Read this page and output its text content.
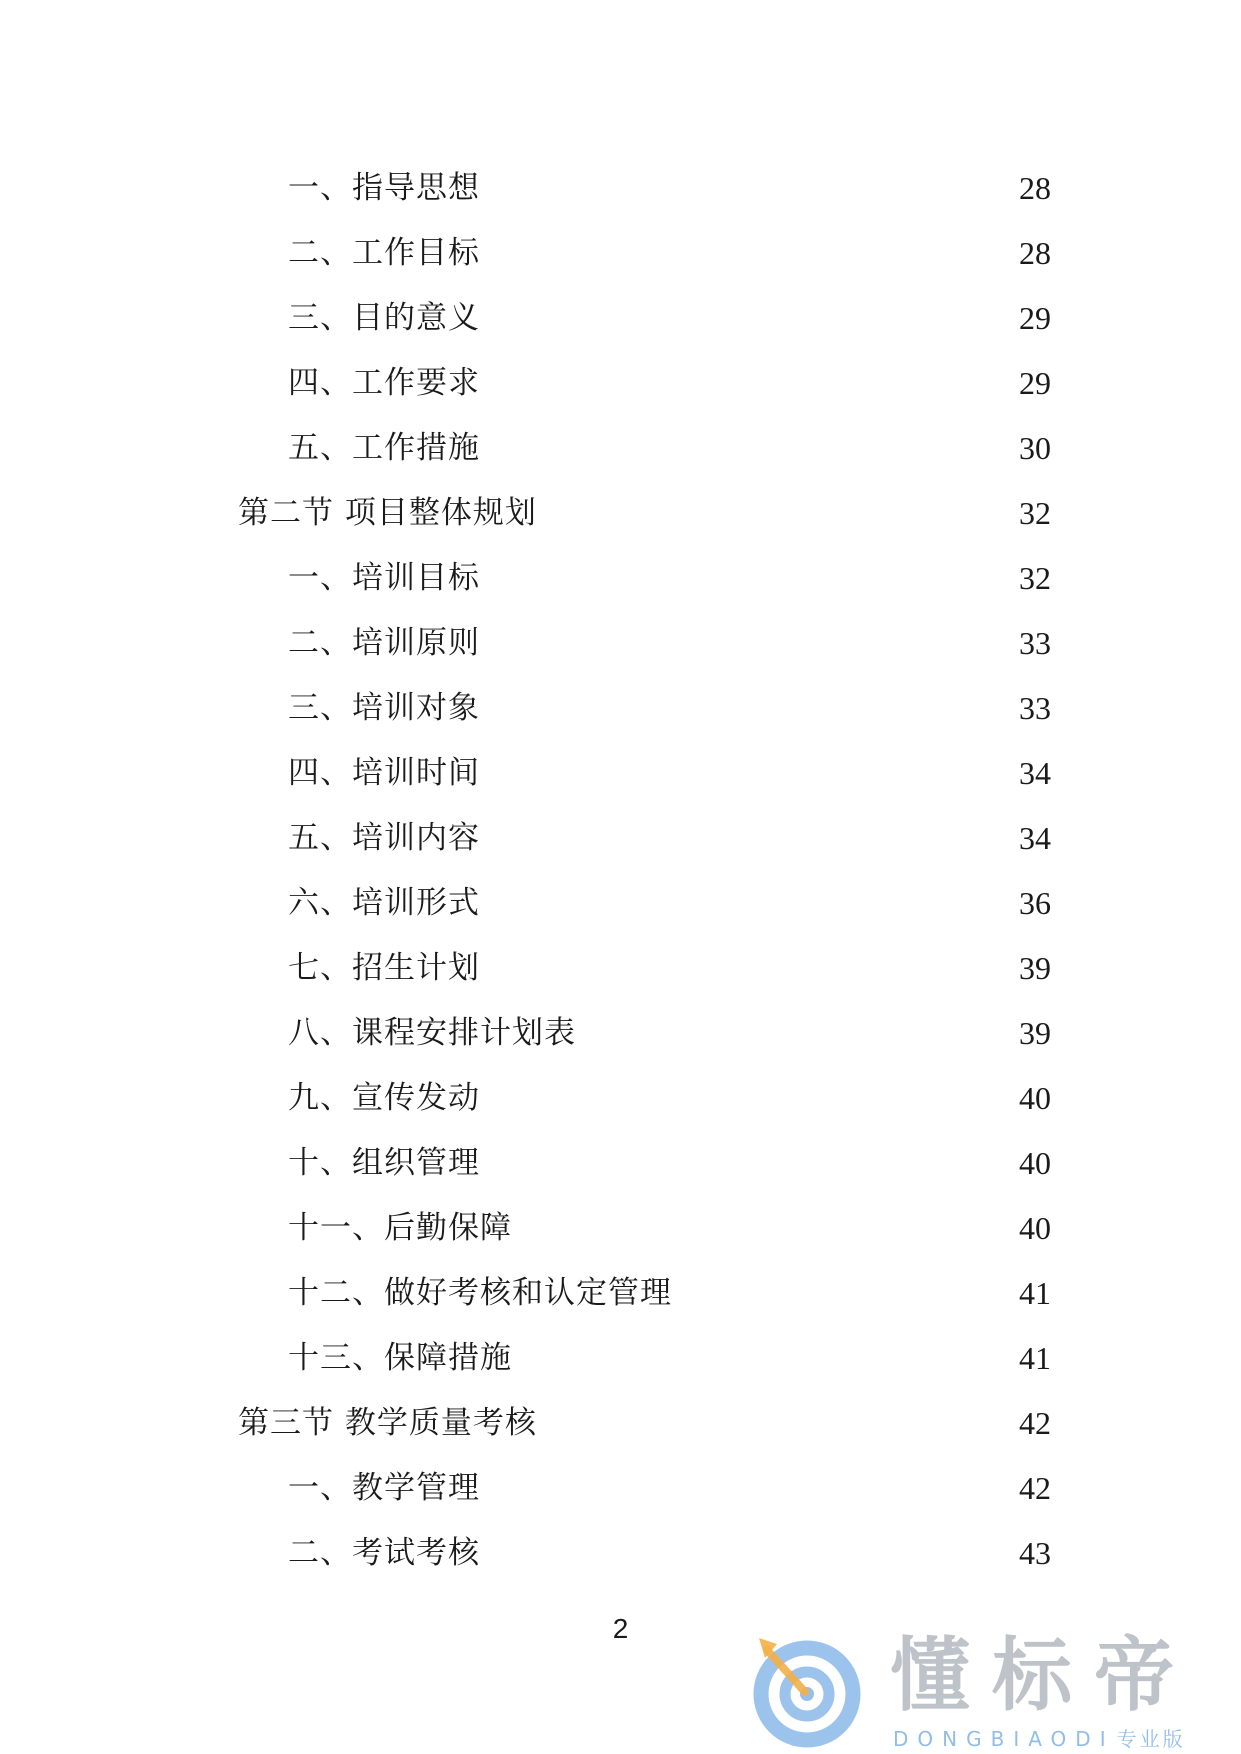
一、指导思想	28
二、工作目标	28
三、目的意义	29
四、工作要求	29
五、工作措施	30
第二节 项目整体规划	32
一、培训目标	32
二、培训原则	33
三、培训对象	33
四、培训时间	34
五、培训内容	34
六、培训形式	36
七、招生计划	39
八、课程安排计划表	39
九、宣传发动	40
十、组织管理	40
十一、后勤保障	40
十二、做好考核和认定管理	41
十三、保障措施	41
第三节 教学质量考核	42
一、教学管理	42
二、考试考核	43
2
懂标帝
DONGBIAODI 专业版
